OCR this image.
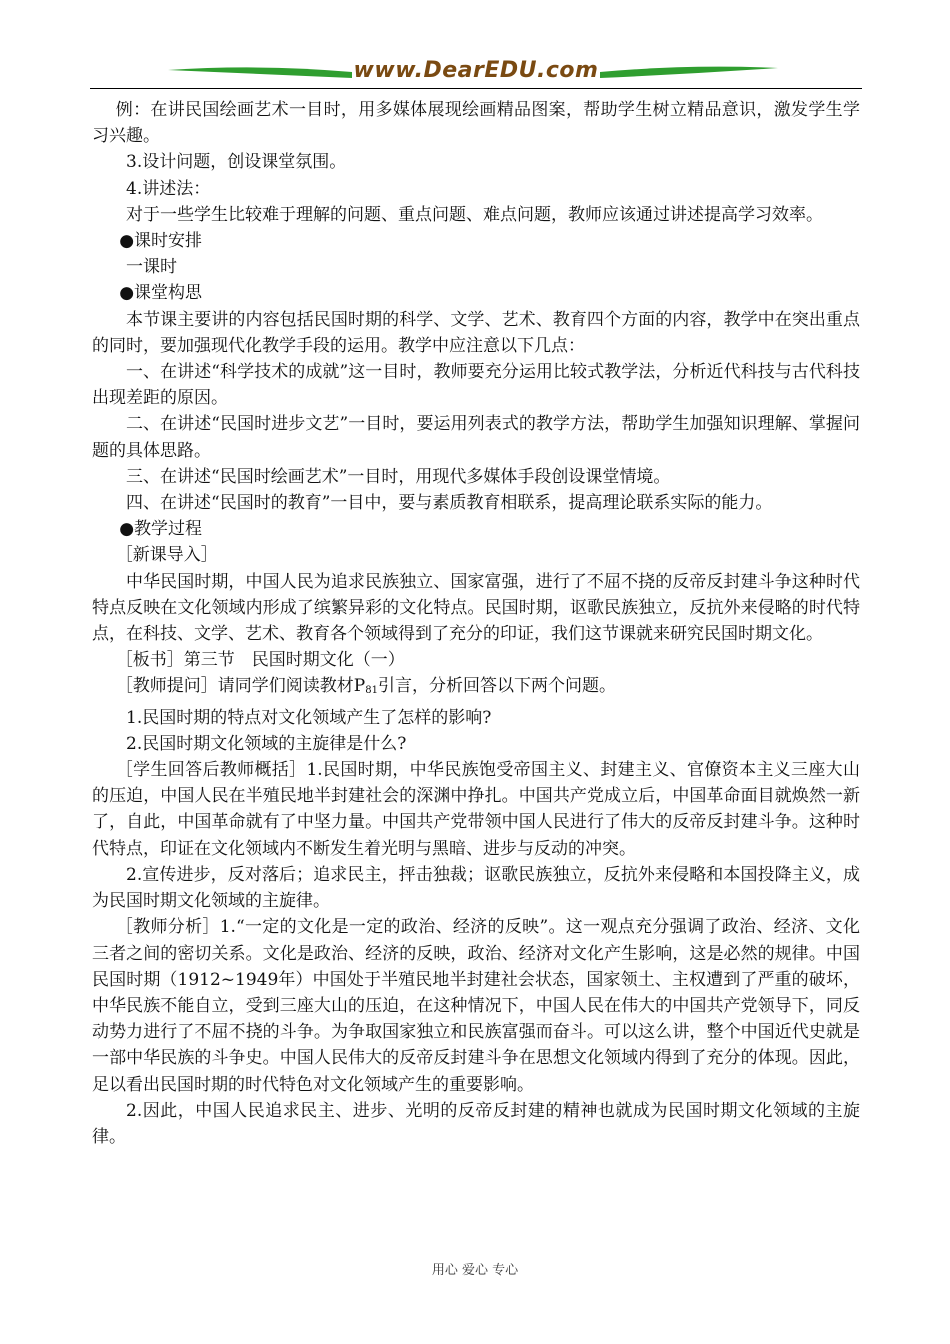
www.DearEDU.com

例：在讲民国绘画艺术一目时，用多媒体展现绘画精品图案，帮助学生树立精品意识，激发学生学习兴趣。

3.设计问题，创设课堂氛围。

4.讲述法：

对于一些学生比较难于理解的问题、重点问题、难点问题，教师应该通过讲述提高学习效率。

●课时安排

一课时

●课堂构思

本节课主要讲的内容包括民国时期的科学、文学、艺术、教育四个方面的内容，教学中在突出重点的同时，要加强现代化教学手段的运用。教学中应注意以下几点：

一、在讲述“科学技术的成就”这一目时，教师要充分运用比较式教学法，分析近代科技与古代科技出现差距的原因。

二、在讲述“民国时进步文艺”一目时，要运用列表式的教学方法，帮助学生加强知识理解、掌握问题的具体思路。

三、在讲述“民国时绘画艺术”一目时，用现代多媒体手段创设课堂情境。

四、在讲述“民国时的教育”一目中，要与素质教育相联系，提高理论联系实际的能力。

●教学过程

［新课导入］

中华民国时期，中国人民为追求民族独立、国家富强，进行了不屈不挠的反帝反封建斗争这种时代特点反映在文化领域内形成了缤繁异彩的文化特点。民国时期，讴歌民族独立，反抗外来侵略的时代特点，在科技、文学、艺术、教育各个领域得到了充分的印证，我们这节课就来研究民国时期文化。

［板书］第三节　民国时期文化（一）

［教师提问］请同学们阅读教材$P_{81}$引言，分析回答以下两个问题。

1.民国时期的特点对文化领域产生了怎样的影响?

2.民国时期文化领域的主旋律是什么?

［学生回答后教师概括］1.民国时期，中华民族饱受帝国主义、封建主义、官僚资本主义三座大山的压迫，中国人民在半殖民地半封建社会的深渊中挣扎。中国共产党成立后，中国革命面目就焕然一新了，自此，中国革命就有了中坚力量。中国共产党带领中国人民进行了伟大的反帝反封建斗争。这种时代特点，印证在文化领域内不断发生着光明与黑暗、进步与反动的冲突。

2.宣传进步，反对落后；追求民主，抨击独裁；讴歌民族独立，反抗外来侵略和本国投降主义，成为民国时期文化领域的主旋律。

［教师分析］1.“一定的文化是一定的政治、经济的反映”。这一观点充分强调了政治、经济、文化三者之间的密切关系。文化是政治、经济的反映，政治、经济对文化产生影响，这是必然的规律。中国民国时期（1912~1949年）中国处于半殖民地半封建社会状态，国家领土、主权遭到了严重的破坏，中华民族不能自立，受到三座大山的压迫，在这种情况下，中国人民在伟大的中国共产党领导下，同反动势力进行了不屈不挠的斗争。为争取国家独立和民族富强而奋斗。可以这么讲，整个中国近代史就是一部中华民族的斗争史。中国人民伟大的反帝反封建斗争在思想文化领域内得到了充分的体现。因此，足以看出民国时期的时代特色对文化领域产生的重要影响。

2.因此，中国人民追求民主、进步、光明的反帝反封建的精神也就成为民国时期文化领域的主旋律。

用心 爱心 专心
